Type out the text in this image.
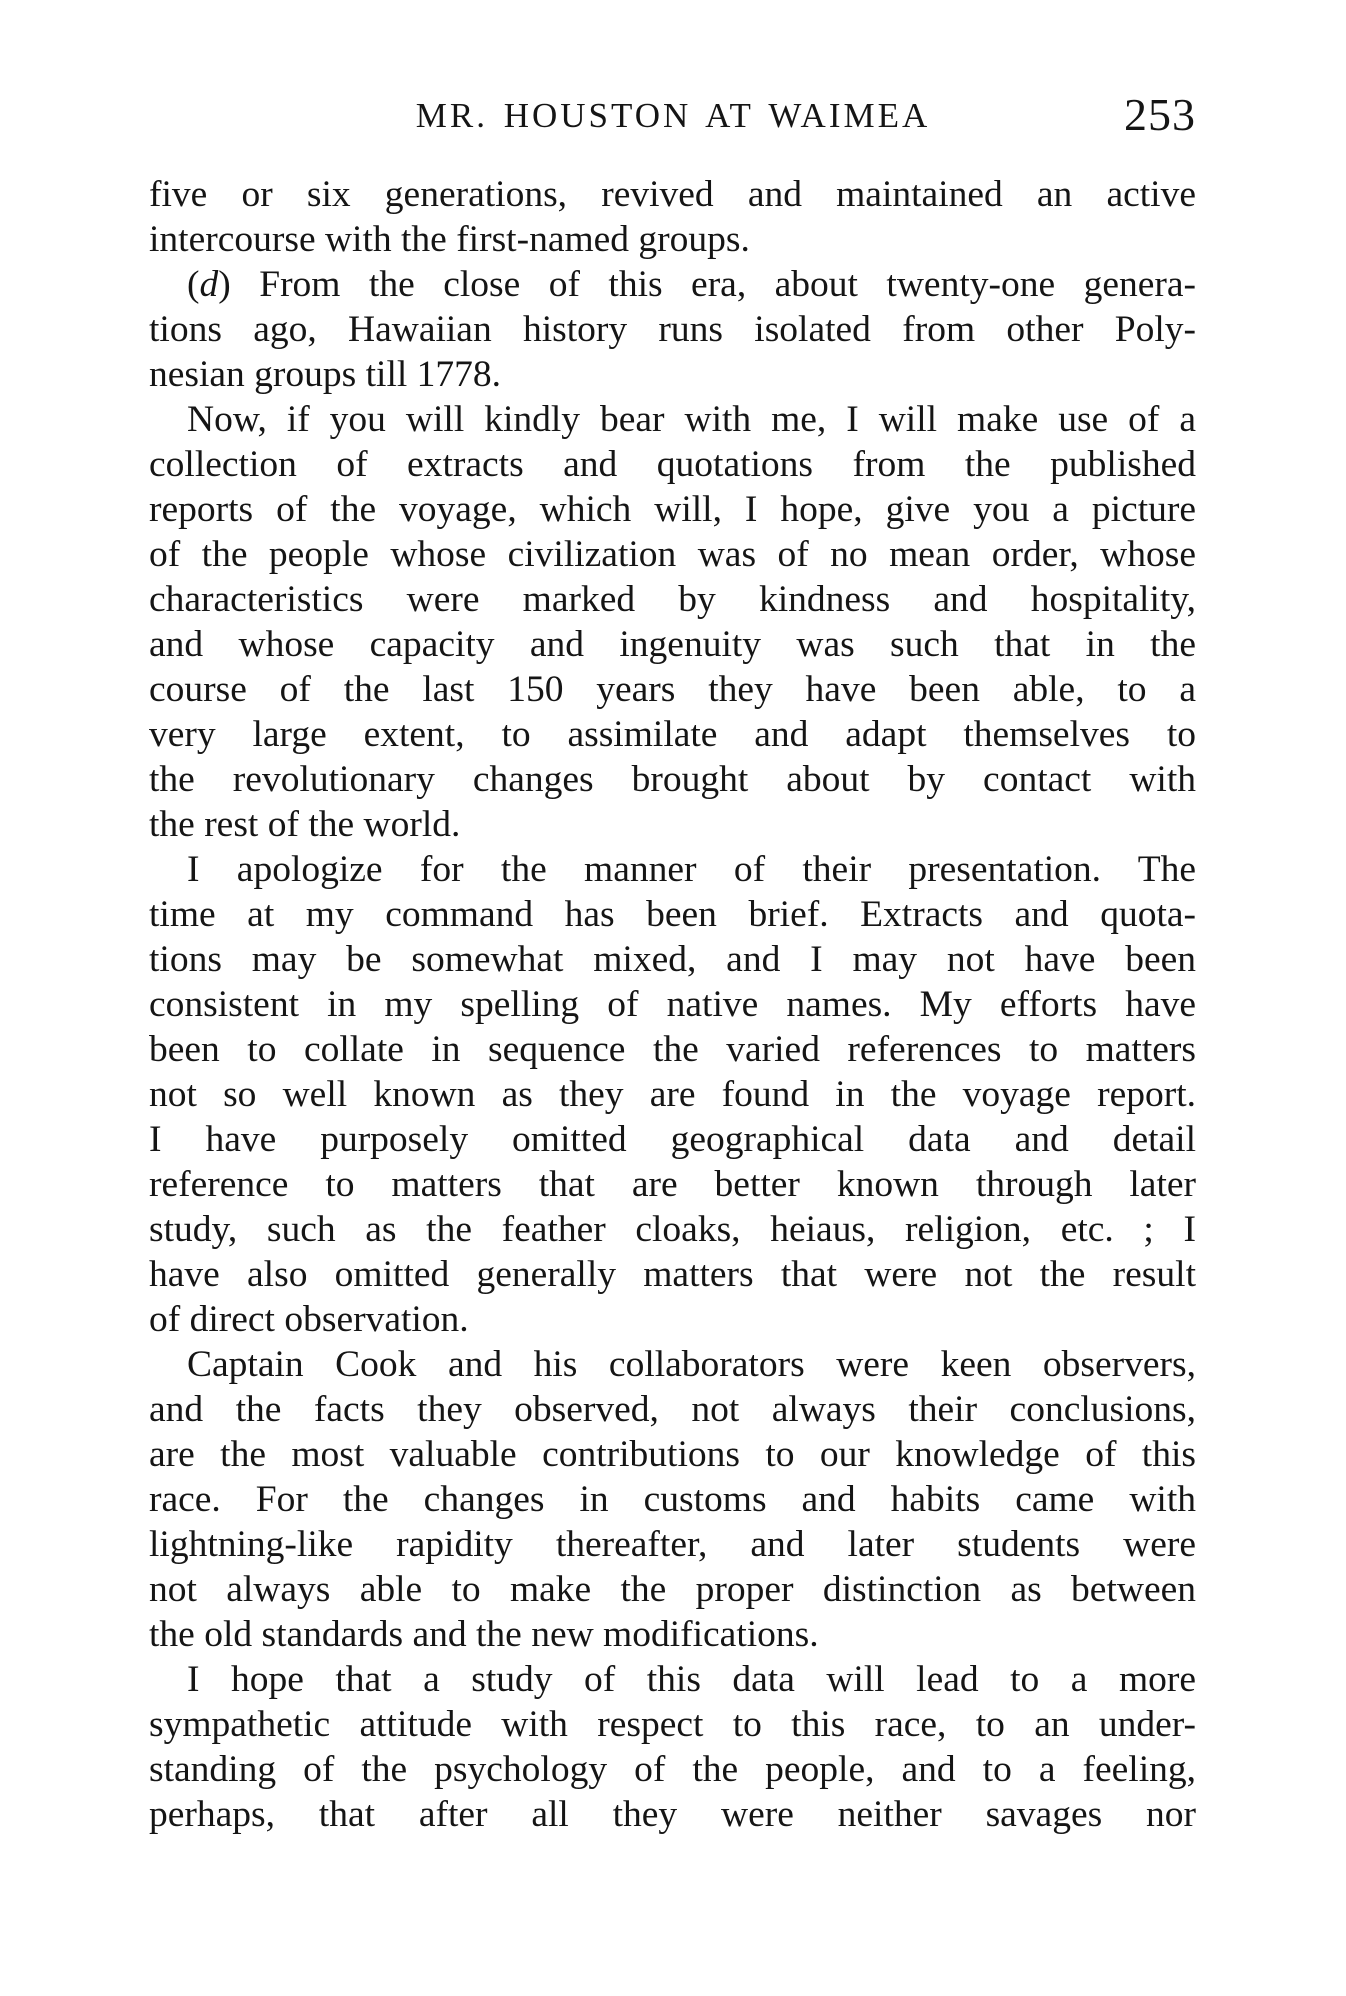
MR. HOUSTON AT WAIMEA	253
five or six generations, revived and maintained an active
intercourse with the first-named groups.
(d) From the close of this era, about twenty-one genera-
tions ago, Hawaiian history runs isolated from other Poly-
nesian groups till 1778.
Now, if you will kindly bear with me, I will make use of a
collection of extracts and quotations from the published
reports of the voyage, which will, I hope, give you a picture
of the people whose civilization was of no mean order, whose
characteristics were marked by kindness and hospitality,
and whose capacity and ingenuity was such that in the
course of the last 150 years they have been able, to a
very large extent, to assimilate and adapt themselves to
the revolutionary changes brought about by contact with
the rest of the world.
I apologize for the manner of their presentation. The
time at my command has been brief. Extracts and quota-
tions may be somewhat mixed, and I may not have been
consistent in my spelling of native names. My efforts have
been to collate in sequence the varied references to matters
not so well known as they are found in the voyage report.
I have purposely omitted geographical data and detail
reference to matters that are better known through later
study, such as the feather cloaks, heiaus, religion, etc. ; I
have also omitted generally matters that were not the result
of direct observation.
Captain Cook and his collaborators were keen observers,
and the facts they observed, not always their conclusions,
are the most valuable contributions to our knowledge of this
race. For the changes in customs and habits came with
lightning-like rapidity thereafter, and later students were
not always able to make the proper distinction as between
the old standards and the new modifications.
I hope that a study of this data will lead to a more
sympathetic attitude with respect to this race, to an under-
standing of the psychology of the people, and to a feeling,
perhaps, that after all they were neither savages nor
